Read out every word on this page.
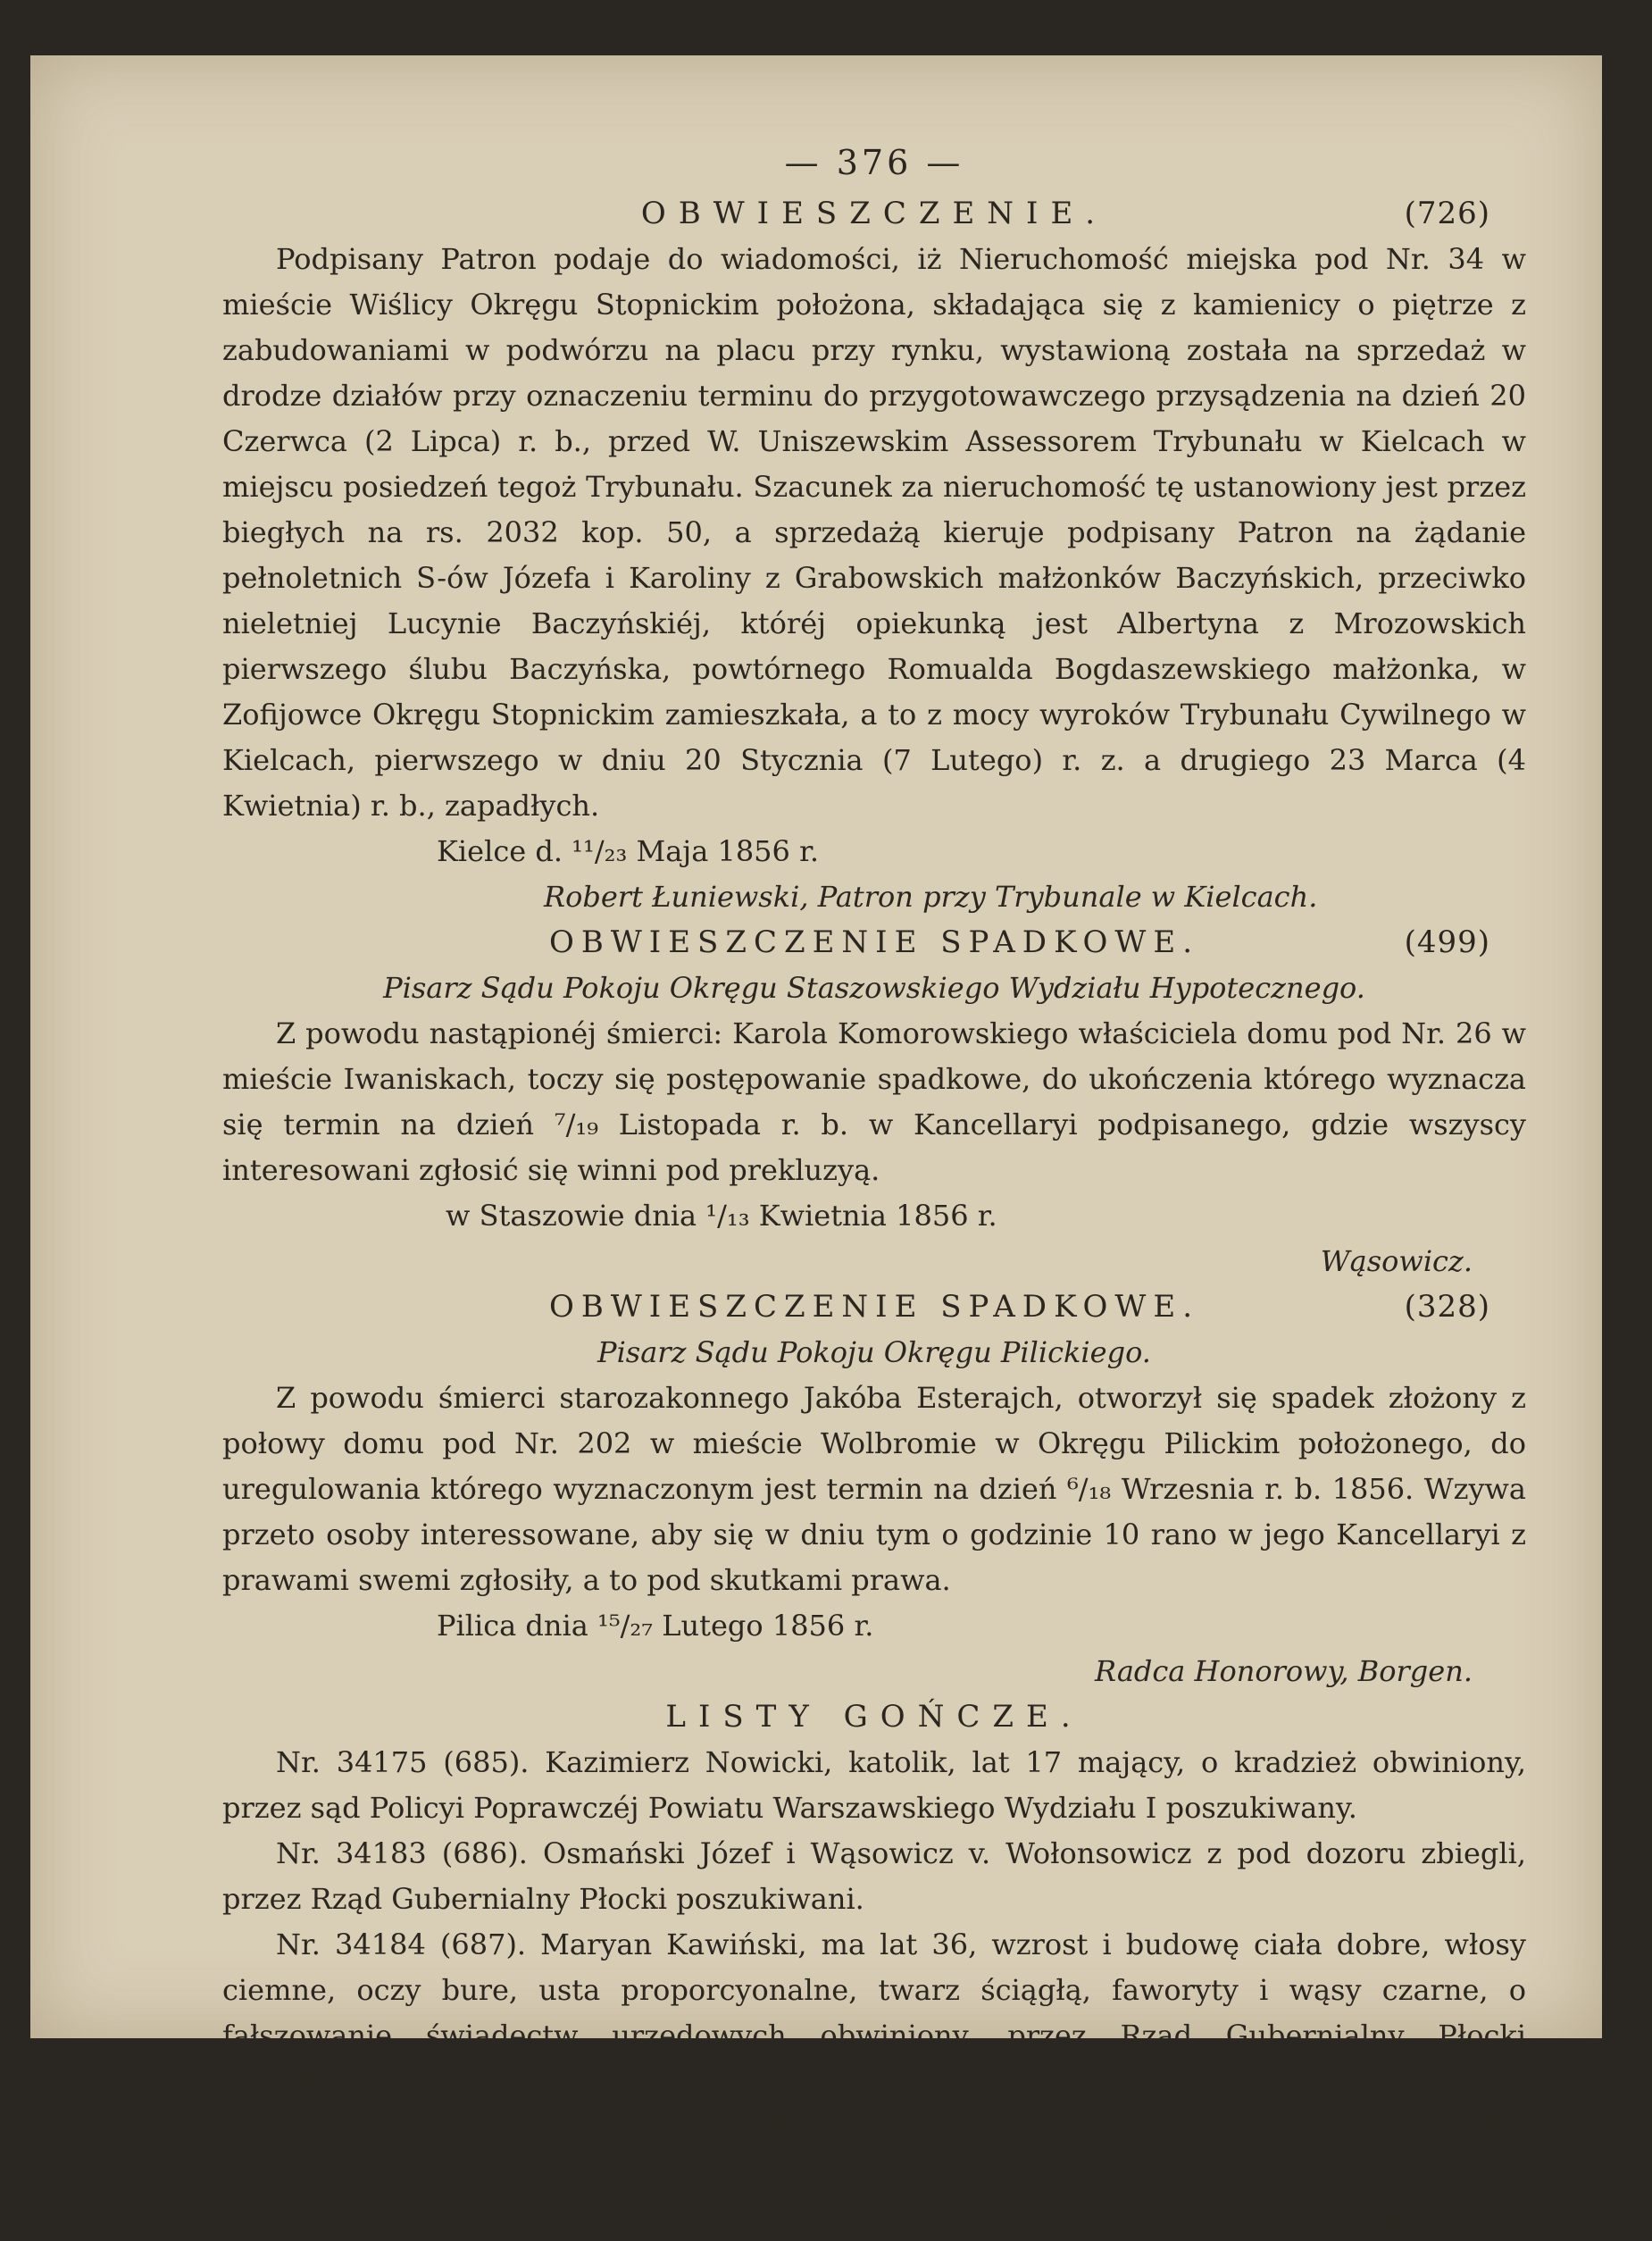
— 376 —
OBWIESZCZENIE.	(726)

Podpisany Patron podaje do wiadomości, iż Nieruchomość miejska pod Nr. 34 w mieście Wiślicy Okręgu Stopnickim położona, składająca się z kamienicy o piętrze z zabudowaniami w podwórzu na placu przy rynku, wystawioną została na sprzedaż w drodze działów przy oznaczeniu terminu do przygotowawczego przysądzenia na dzień 20 Czerwca (2 Lipca) r. b., przed W. Uniszewskim Assessorem Trybunału w Kielcach w miejscu posiedzeń tegoż Trybunału. Szacunek za nieruchomość tę ustanowiony jest przez biegłych na rs. 2032 kop. 50, a sprzedażą kieruje podpisany Patron na żądanie pełnoletnich S-ów Józefa i Karoliny z Grabowskich małżonków Baczyńskich, przeciwko nieletniej Lucynie Baczyńskiéj, któréj opiekunką jest Albertyna z Mrozowskich pierwszego ślubu Baczyńska, powtórnego Romualda Bogdaszewskiego małżonka, w Zofijowce Okręgu Stopnickim zamieszkała, a to z mocy wyroków Trybunału Cywilnego w Kielcach, pierwszego w dniu 20 Stycznia (7 Lutego) r. z. a drugiego 23 Marca (4 Kwietnia) r. b., zapadłych.

Kielce d. ¹¹/₂₃ Maja 1856 r.
Robert Łuniewski, Patron przy Trybunale w Kielcach.
OBWIESZCZENIE SPADKOWE.	(499)
Pisarz Sądu Pokoju Okręgu Staszowskiego Wydziału Hypotecznego.

Z powodu nastąpionéj śmierci: Karola Komorowskiego właściciela domu pod Nr. 26 w mieście Iwaniskach, toczy się postępowanie spadkowe, do ukończenia którego wyznacza się termin na dzień ⁷/₁₉ Listopada r. b. w Kancellaryi podpisanego, gdzie wszyscy interesowani zgłosić się winni pod prekluzyą.

w Staszowie dnia ¹/₁₃ Kwietnia 1856 r.
Wąsowicz.
OBWIESZCZENIE SPADKOWE.	(328)
Pisarz Sądu Pokoju Okręgu Pilickiego.

Z powodu śmierci starozakonnego Jakóba Esterajch, otworzył się spadek złożony z połowy domu pod Nr. 202 w mieście Wolbromie w Okręgu Pilickim położonego, do uregulowania którego wyznaczonym jest termin na dzień ⁶/₁₈ Wrzesnia r. b. 1856. Wzywa przeto osoby interessowane, aby się w dniu tym o godzinie 10 rano w jego Kancellaryi z prawami swemi zgłosiły, a to pod skutkami prawa.

Pilica dnia ¹⁵/₂₇ Lutego 1856 r.
Radca Honorowy, Borgen.
LISTY GOŃCZE.

Nr. 34175 (685). Kazimierz Nowicki, katolik, lat 17 mający, o kradzież obwiniony, przez sąd Policyi Poprawczéj Powiatu Warszawskiego Wydziału I poszukiwany.

Nr. 34183 (686). Osmański Józef i Wąsowicz v. Wołonsowicz z pod dozoru zbiegli, przez Rząd Gubernialny Płocki poszukiwani.

Nr. 34184 (687). Maryan Kawiński, ma lat 36, wzrost i budowę ciała dobre, włosy ciemne, oczy bure, usta proporcyonalne, twarz ściągłą, faworyty i wąsy czarne, o fałszowanie świadectw urzędowych obwiniony, przez Rząd Gubernialny Płocki poszukiwany.

Powyżsi zbiegli mają być ściśle śledzeni, a wrazie ujęcia do właściwego Naczelnika Powiatu dostawieni.

DODATEK I.
